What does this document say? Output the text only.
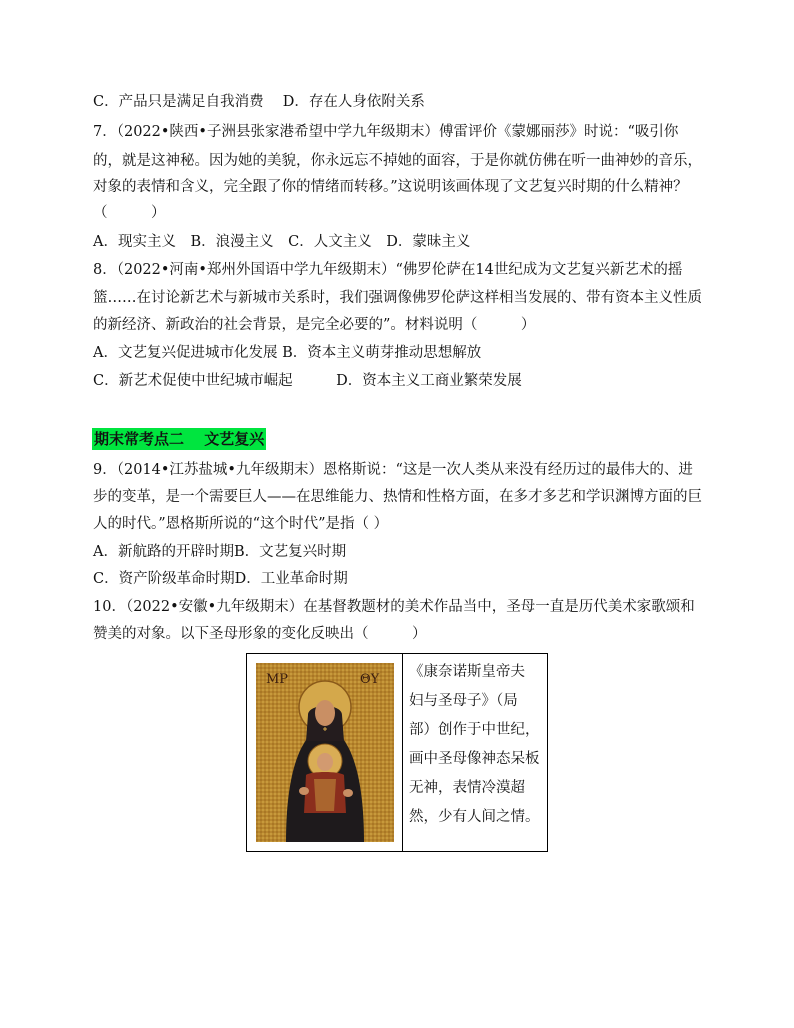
C．产品只是满足自我消费　 D．存在人身依附关系
7．（2022•陕西•子洲县张家港希望中学九年级期末）傅雷评价《蒙娜丽莎》时说：“吸引你
的，就是这神秘。因为她的美貌，你永远忘不掉她的面容，于是你就仿佛在听一曲神妙的音乐，
对象的表情和含义，完全跟了你的情绪而转移。”这说明该画体现了文艺复兴时期的什么精神？
（　　　）
A．现实主义　B．浪漫主义　C．人文主义　D．蒙昧主义
8．（2022•河南•郑州外国语中学九年级期末）“佛罗伦萨在14世纪成为文艺复兴新艺术的摇
篮……在讨论新艺术与新城市关系时，我们强调像佛罗伦萨这样相当发展的、带有资本主义性质
的新经济、新政治的社会背景，是完全必要的”。材料说明（　　　）
A．文艺复兴促进城市化发展 B．资本主义萌芽推动思想解放
C．新艺术促使中世纪城市崛起　　　D．资本主义工商业繁荣发展
期末常考点二　 文艺复兴
9．（2014•江苏盐城•九年级期末）恩格斯说：“这是一次人类从来没有经历过的最伟大的、进
步的变革，是一个需要巨人——在思维能力、热情和性格方面，在多才多艺和学识渊博方面的巨
人的时代。”恩格斯所说的“这个时代”是指（ ）
A．新航路的开辟时期B．文艺复兴时期
C．资产阶级革命时期D．工业革命时期
10．（2022•安徽•九年级期末）在基督教题材的美术作品当中，圣母一直是历代美术家歌颂和
赞美的对象。以下圣母形象的变化反映出（　　　）
MP	ΘΥ 《康奈诺斯皇帝夫
妇与圣母子》（局
部）创作于中世纪，
画中圣母像神态呆板
无神，表情冷漠超
然，少有人间之情。
